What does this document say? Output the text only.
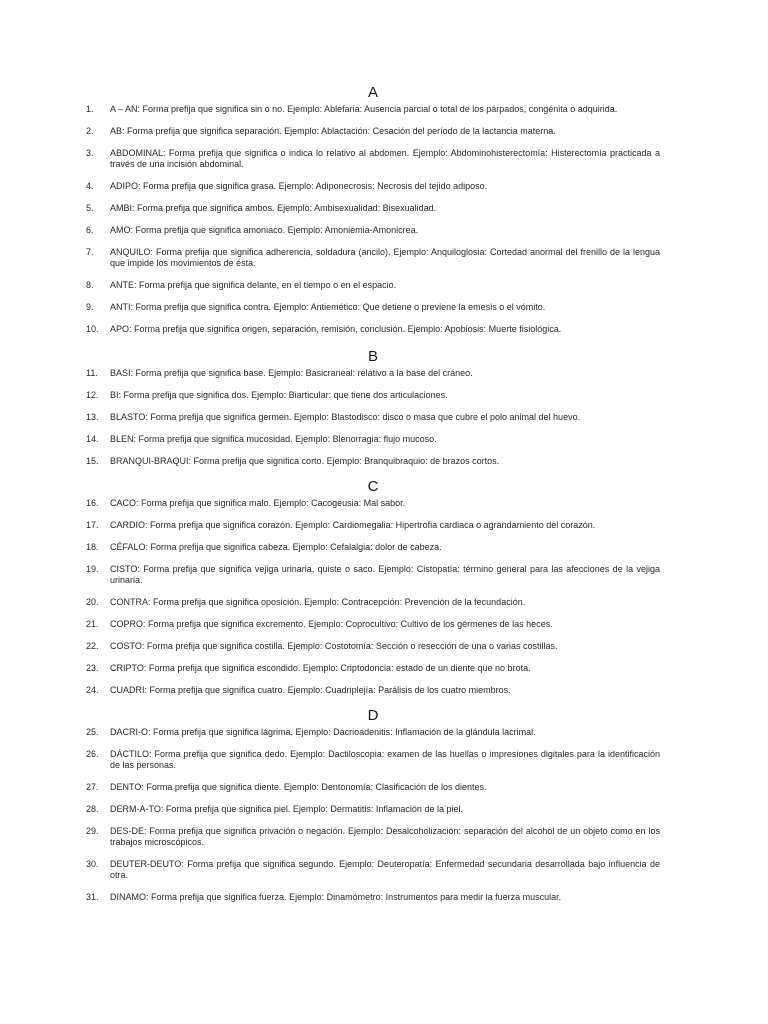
A
1. A – AN: Forma prefija que significa sin o no. Ejemplo: Ablefaria: Ausencia parcial o total de los párpados, congénita o adquirida.
2. AB: Forma prefija que significa separación. Ejemplo: Ablactación: Cesación del período de la lactancia materna.
3. ABDOMINAL: Forma prefija que significa o indica lo relativo al abdomen. Ejemplo: Abdominohisterectomía: Histerectomía practicada a través de una incisión abdominal.
4. ADIPO: Forma prefija que significa grasa. Ejemplo: Adiponecrosis: Necrosis del tejido adiposo.
5. AMBI: Forma prefija que significa ambos. Ejemplo: Ambisexualidad: Bisexualidad.
6. AMO: Forma prefija que significa amoniaco. Ejemplo: Amoniemia-Amonicrea.
7. ANQUILO: Forma prefija que significa adherencia, soldadura (ancilo). Ejemplo: Anquiloglosia: Cortedad anormal del frenillo de la lengua que impide los movimientos de ésta.
8. ANTE: Forma prefija que significa delante, en el tiempo o en el espacio.
9. ANTI: Forma prefija que significa contra. Ejemplo: Antiemético: Que detiene o previene la emesis o el vómito.
10. APO: Forma prefija que significa origen, separación, remisión, conclusión. Ejemplo: Apobiosis: Muerte fisiológica.
B
11. BASI: Forma prefija que significa base. Ejemplo: Basicraneal: relativo a la base del cráneo.
12. BI: Forma prefija que significa dos. Ejemplo: Biarticular: que tiene dos articulaciones.
13. BLASTO: Forma prefija que significa germen. Ejemplo: Blastodisco: disco o masa que cubre el polo animal del huevo.
14. BLEN: Forma prefija que significa mucosidad. Ejemplo: Blenorragia: flujo mucoso.
15. BRANQUI-BRAQUI: Forma prefija que significa corto. Ejemplo: Branquibraquio: de brazos cortos.
C
16. CACO: Forma prefija que significa malo. Ejemplo: Cacogeusia: Mal sabor.
17. CARDIO: Forma prefija que significa corazón. Ejemplo: Cardiomegalia: Hipertrofia cardiaca o agrandamiento del corazón.
18. CÉFALO: Forma prefija que significa cabeza. Ejemplo: Cefalalgia: dolor de cabeza.
19. CISTO: Forma prefija que significa vejiga urinaria, quiste o saco. Ejemplo: Cistopatía: término general para las afecciones de la vejiga urinaria.
20. CONTRA: Forma prefija que significa oposición. Ejemplo: Contracepción: Prevención de la fecundación.
21. COPRO: Forma prefija que significa excremento. Ejemplo: Coprocultivo: Cultivo de los gérmenes de las heces.
22. COSTO: Forma prefija que significa costilla. Ejemplo: Costotomía: Sección o resección de una o varias costillas.
23. CRIPTO: Forma prefija que significa escondido. Ejemplo: Criptodoncia: estado de un diente que no brota.
24. CUADRI: Forma prefija que significa cuatro. Ejemplo: Cuadriplejía: Parálisis de los cuatro miembros.
D
25. DACRI-O: Forma prefija que significa lágrima. Ejemplo: Dacrioadenitis: Inflamación de la glándula lacrimal.
26. DÁCTILO: Forma prefija que significa dedo. Ejemplo: Dactiloscopia: examen de las huellas o impresiones digitales para la identificación de las personas.
27. DENTO: Forma prefija que significa diente. Ejemplo: Dentonomía: Clasificación de los dientes.
28. DERM-A-TO: Forma prefija que significa piel. Ejemplo: Dermatitis: Inflamación de la piel.
29. DES-DE: Forma prefija que significa privación o negación. Ejemplo: Desalcoholización: separación del alcohol de un objeto como en los trabajos microscópicos.
30. DEUTER-DEUTO: Forma prefija que significa segundo. Ejemplo: Deuteropatía: Enfermedad secundaria desarrollada bajo influencia de otra.
31. DINAMO: Forma prefija que significa fuerza. Ejemplo: Dinamómetro: Instrumentos para medir la fuerza muscular.
